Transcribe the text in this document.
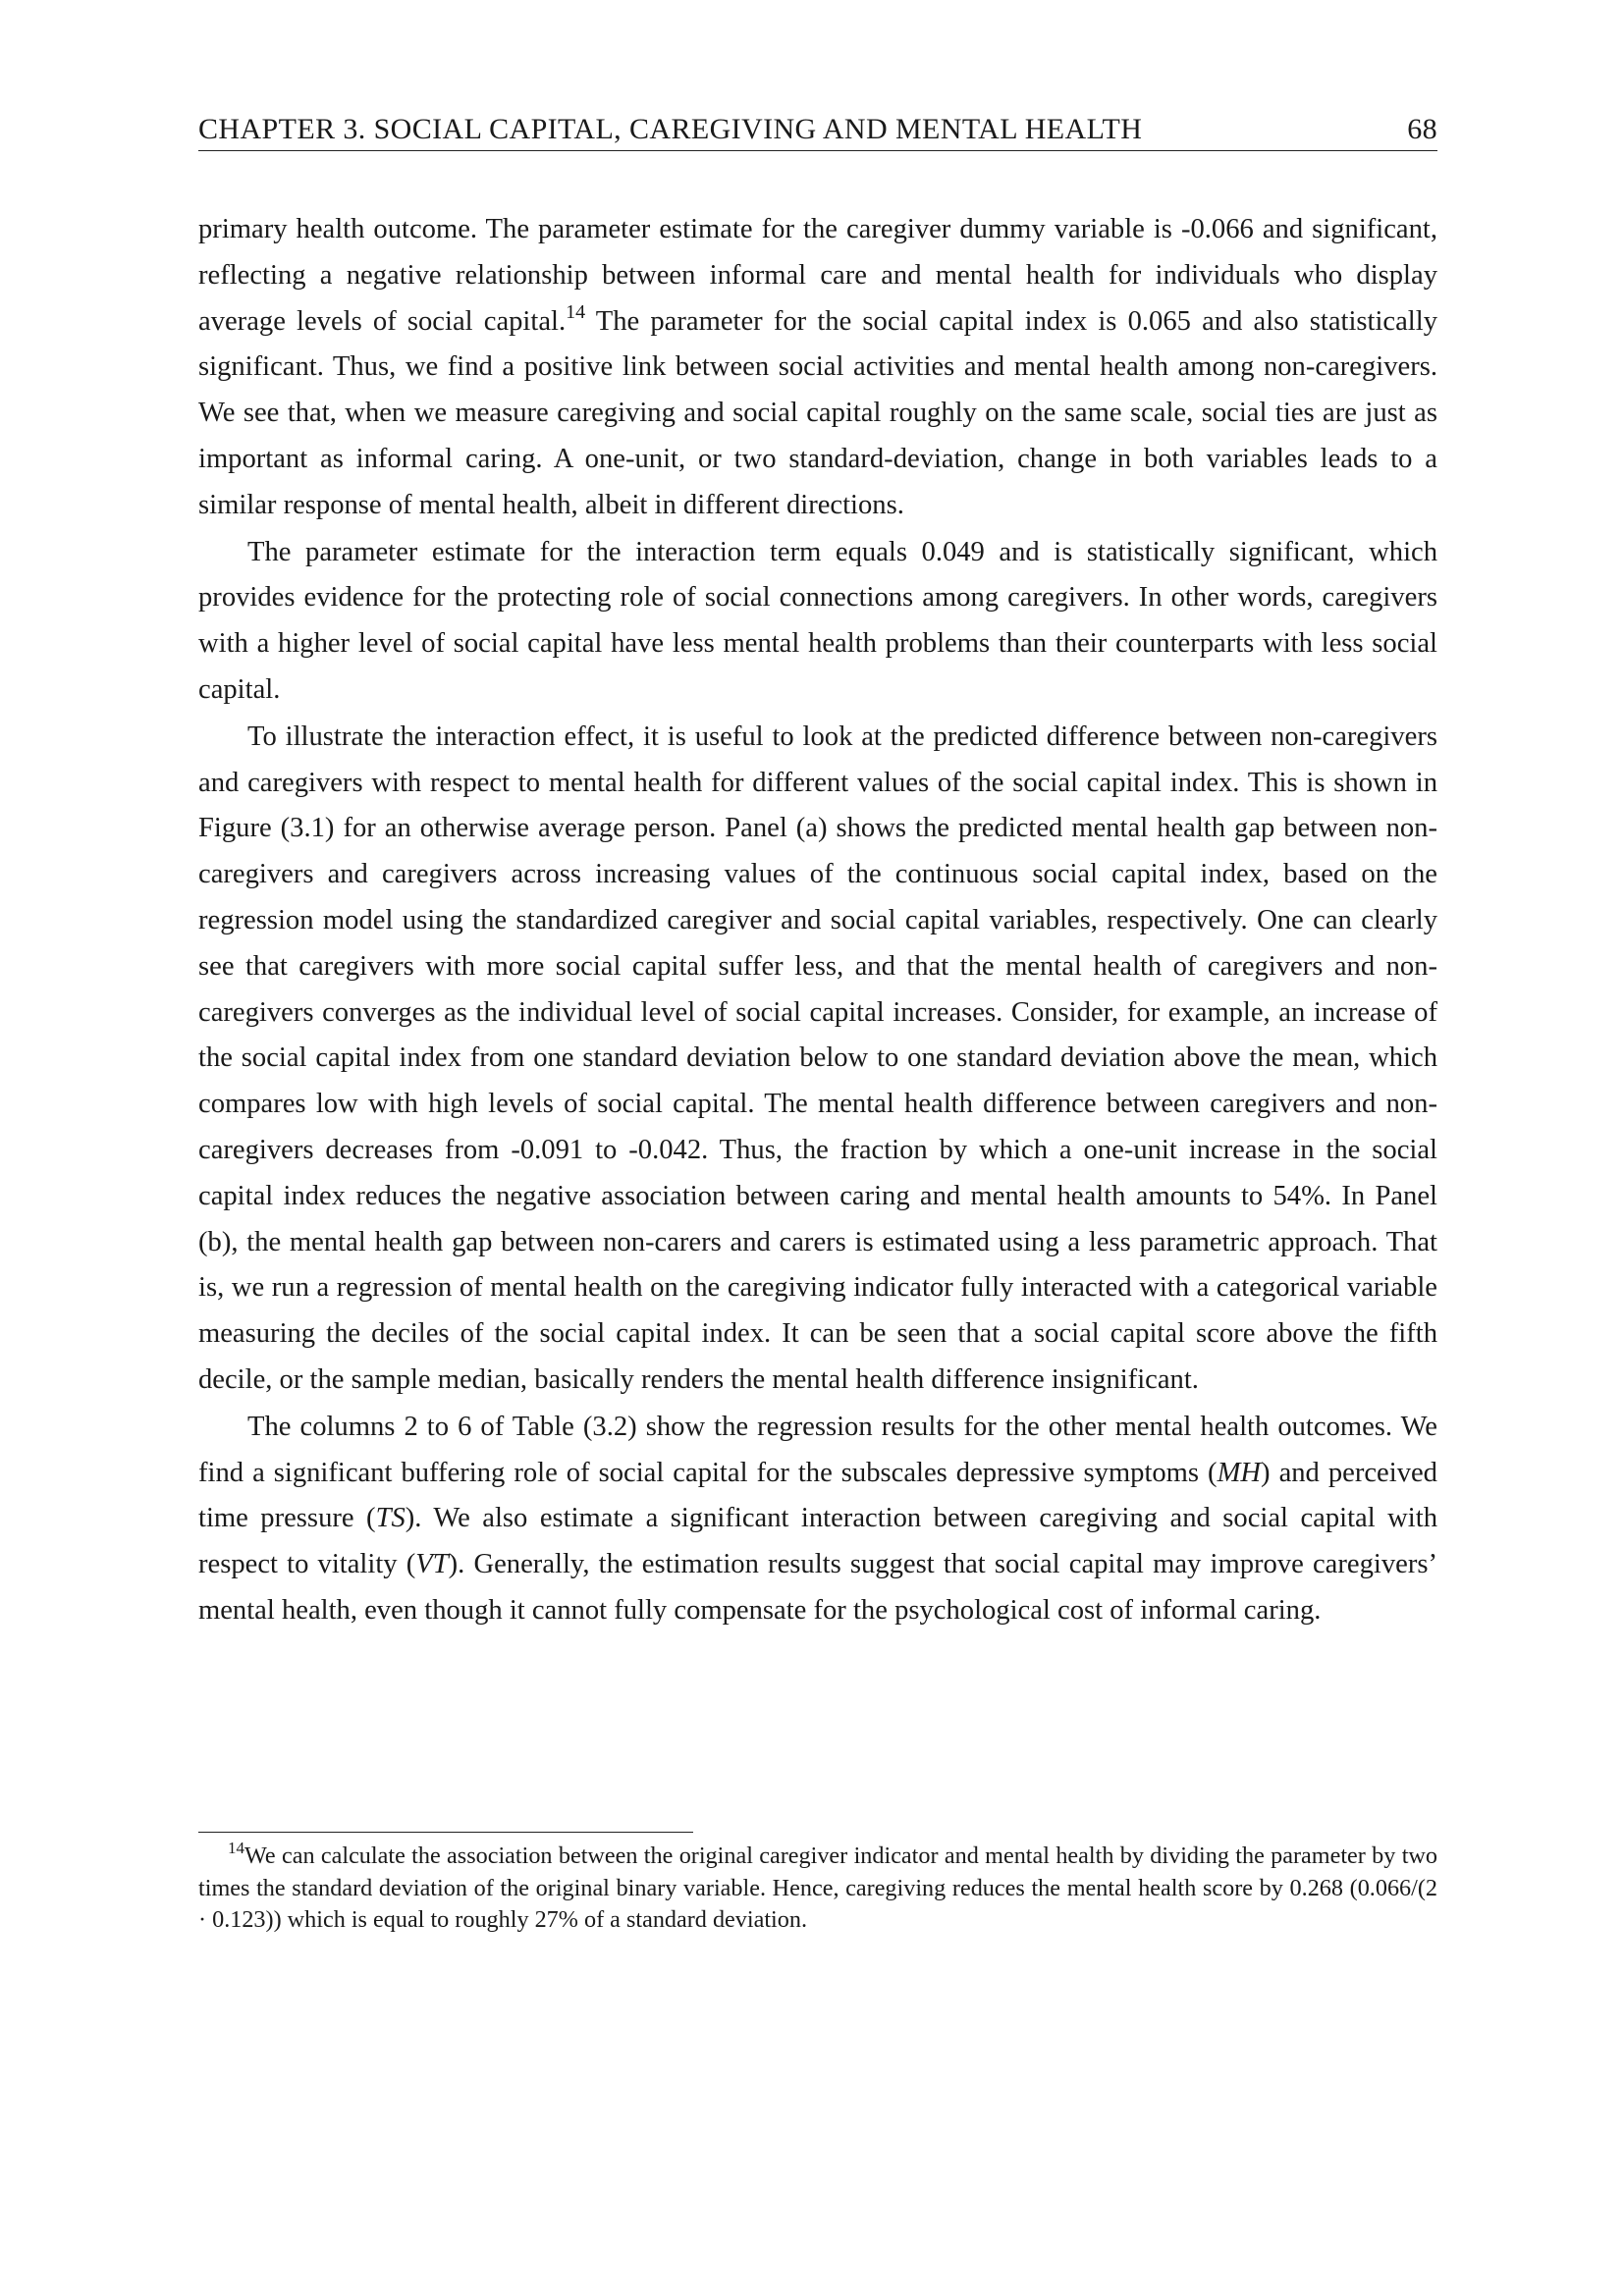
CHAPTER 3. SOCIAL CAPITAL, CAREGIVING AND MENTAL HEALTH	68

primary health outcome. The parameter estimate for the caregiver dummy variable is -0.066 and significant, reflecting a negative relationship between informal care and mental health for individuals who display average levels of social capital.$^{14}$ The parameter for the social capital index is 0.065 and also statistically significant. Thus, we find a positive link between social activities and mental health among non-caregivers. We see that, when we measure caregiving and social capital roughly on the same scale, social ties are just as important as informal caring. A one-unit, or two standard-deviation, change in both variables leads to a similar response of mental health, albeit in different directions.

The parameter estimate for the interaction term equals 0.049 and is statistically significant, which provides evidence for the protecting role of social connections among caregivers. In other words, caregivers with a higher level of social capital have less mental health problems than their counterparts with less social capital.

To illustrate the interaction effect, it is useful to look at the predicted difference between non-caregivers and caregivers with respect to mental health for different values of the social capital index. This is shown in Figure (3.1) for an otherwise average person. Panel (a) shows the predicted mental health gap between non-caregivers and caregivers across increasing values of the continuous social capital index, based on the regression model using the standardized caregiver and social capital variables, respectively. One can clearly see that caregivers with more social capital suffer less, and that the mental health of caregivers and non-caregivers converges as the individual level of social capital increases. Consider, for example, an increase of the social capital index from one standard deviation below to one standard deviation above the mean, which compares low with high levels of social capital. The mental health difference between caregivers and non-caregivers decreases from -0.091 to -0.042. Thus, the fraction by which a one-unit increase in the social capital index reduces the negative association between caring and mental health amounts to 54%. In Panel (b), the mental health gap between non-carers and carers is estimated using a less parametric approach. That is, we run a regression of mental health on the caregiving indicator fully interacted with a categorical variable measuring the deciles of the social capital index. It can be seen that a social capital score above the fifth decile, or the sample median, basically renders the mental health difference insignificant.

The columns 2 to 6 of Table (3.2) show the regression results for the other mental health outcomes. We find a significant buffering role of social capital for the subscales depressive symptoms (MH) and perceived time pressure (TS). We also estimate a significant interaction between caregiving and social capital with respect to vitality (VT). Generally, the estimation results suggest that social capital may improve caregivers’ mental health, even though it cannot fully compensate for the psychological cost of informal caring.

$^{14}$We can calculate the association between the original caregiver indicator and mental health by dividing the parameter by two times the standard deviation of the original binary variable. Hence, caregiving reduces the mental health score by 0.268 (0.066/(2 · 0.123)) which is equal to roughly 27% of a standard deviation.
